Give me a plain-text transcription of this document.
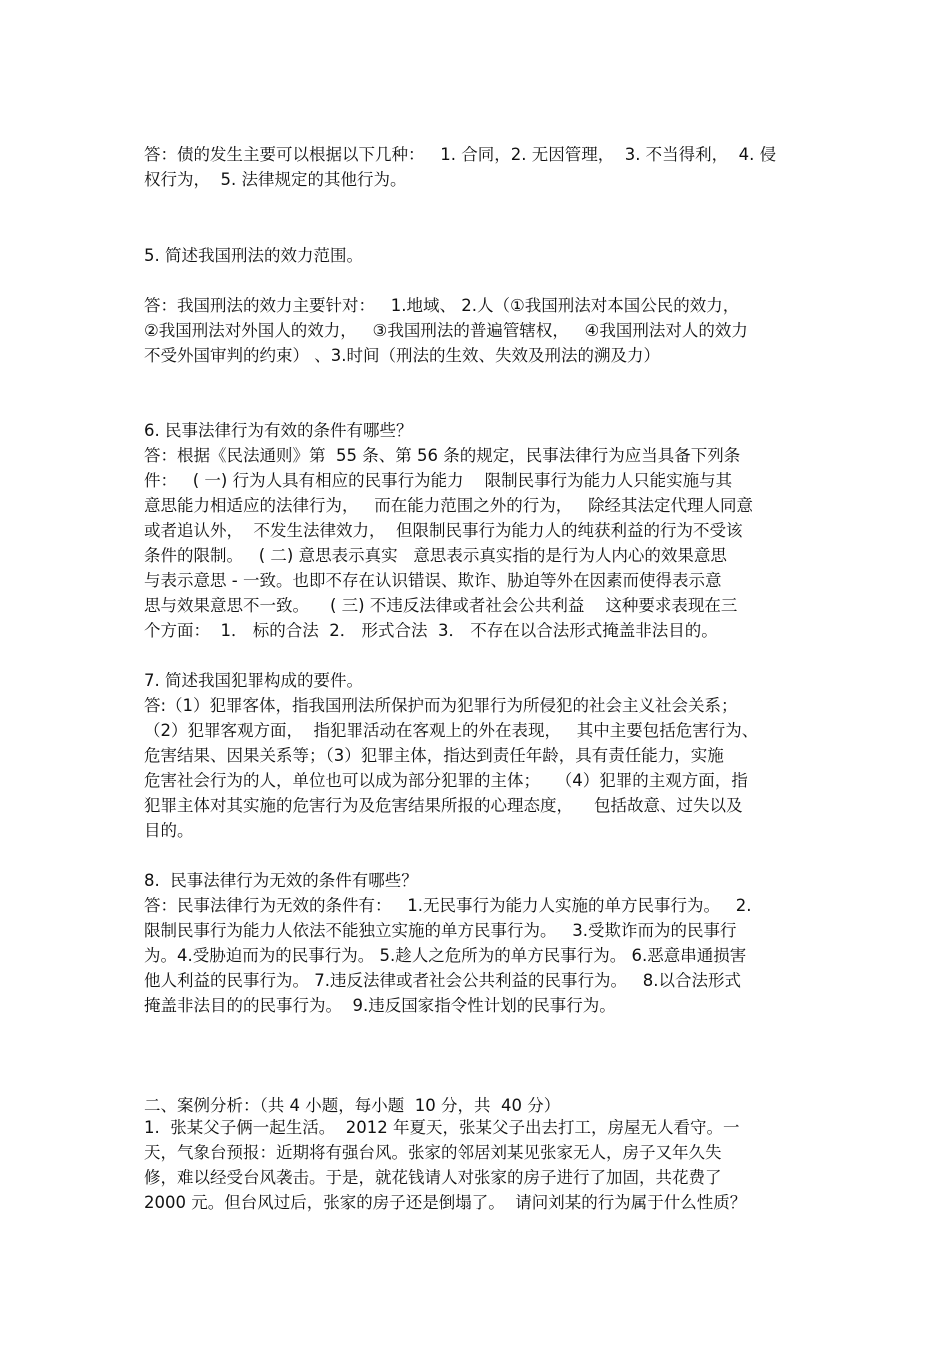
答：债的发生主要可以根据以下几种：   1. 合同，2. 无因管理，  3. 不当得利，  4. 侵

权行为，  5. 法律规定的其他行为。

5. 简述我国刑法的效力范围。

答：我国刑法的效力主要针对：   1.地域、 2.人（①我国刑法对本国公民的效力，

②我国刑法对外国人的效力，   ③我国刑法的普遍管辖权，   ④我国刑法对人的效力

不受外国审判的约束） 、3.时间（刑法的生效、失效及刑法的溯及力）

6. 民事法律行为有效的条件有哪些？

答：根据《民法通则》第  55 条、第 56 条的规定，民事法律行为应当具备下列条

件：   ( 一) 行为人具有相应的民事行为能力    限制民事行为能力人只能实施与其

意思能力相适应的法律行为，   而在能力范围之外的行为，   除经其法定代理人同意

或者追认外，  不发生法律效力，  但限制民事行为能力人的纯获利益的行为不受该

条件的限制。   ( 二) 意思表示真实   意思表示真实指的是行为人内心的效果意思

与表示意思 - 一致。也即不存在认识错误、欺诈、胁迫等外在因素而使得表示意

思与效果意思不一致。    ( 三) 不违反法律或者社会公共利益    这种要求表现在三

个方面：  1． 标的合法  2． 形式合法  3． 不存在以合法形式掩盖非法目的。

7. 简述我国犯罪构成的要件。

答:（1）犯罪客体，指我国刑法所保护而为犯罪行为所侵犯的社会主义社会关系；

（2）犯罪客观方面，  指犯罪活动在客观上的外在表现，   其中主要包括危害行为、

危害结果、因果关系等；（3）犯罪主体，指达到责任年龄，具有责任能力，实施

危害社会行为的人，单位也可以成为部分犯罪的主体；   （4）犯罪的主观方面，指

犯罪主体对其实施的危害行为及危害结果所报的心理态度，    包括故意、过失以及

目的。

8.  民事法律行为无效的条件有哪些？

答：民事法律行为无效的条件有：   1.无民事行为能力人实施的单方民事行为。   2.

限制民事行为能力人依法不能独立实施的单方民事行为。   3.受欺诈而为的民事行

为。4.受胁迫而为的民事行为。 5.趁人之危所为的单方民事行为。 6.恶意串通损害

他人利益的民事行为。 7.违反法律或者社会公共利益的民事行为。   8.以合法形式

掩盖非法目的的民事行为。  9.违反国家指令性计划的民事行为。

二、案例分析：（共 4 小题，每小题  10 分，共  40 分）

1.  张某父子俩一起生活。  2012 年夏天，张某父子出去打工，房屋无人看守。一

天，气象台预报：近期将有强台风。张家的邻居刘某见张家无人，房子又年久失

修，难以经受台风袭击。于是，就花钱请人对张家的房子进行了加固，共花费了

2000 元。但台风过后，张家的房子还是倒塌了。  请问刘某的行为属于什么性质？
